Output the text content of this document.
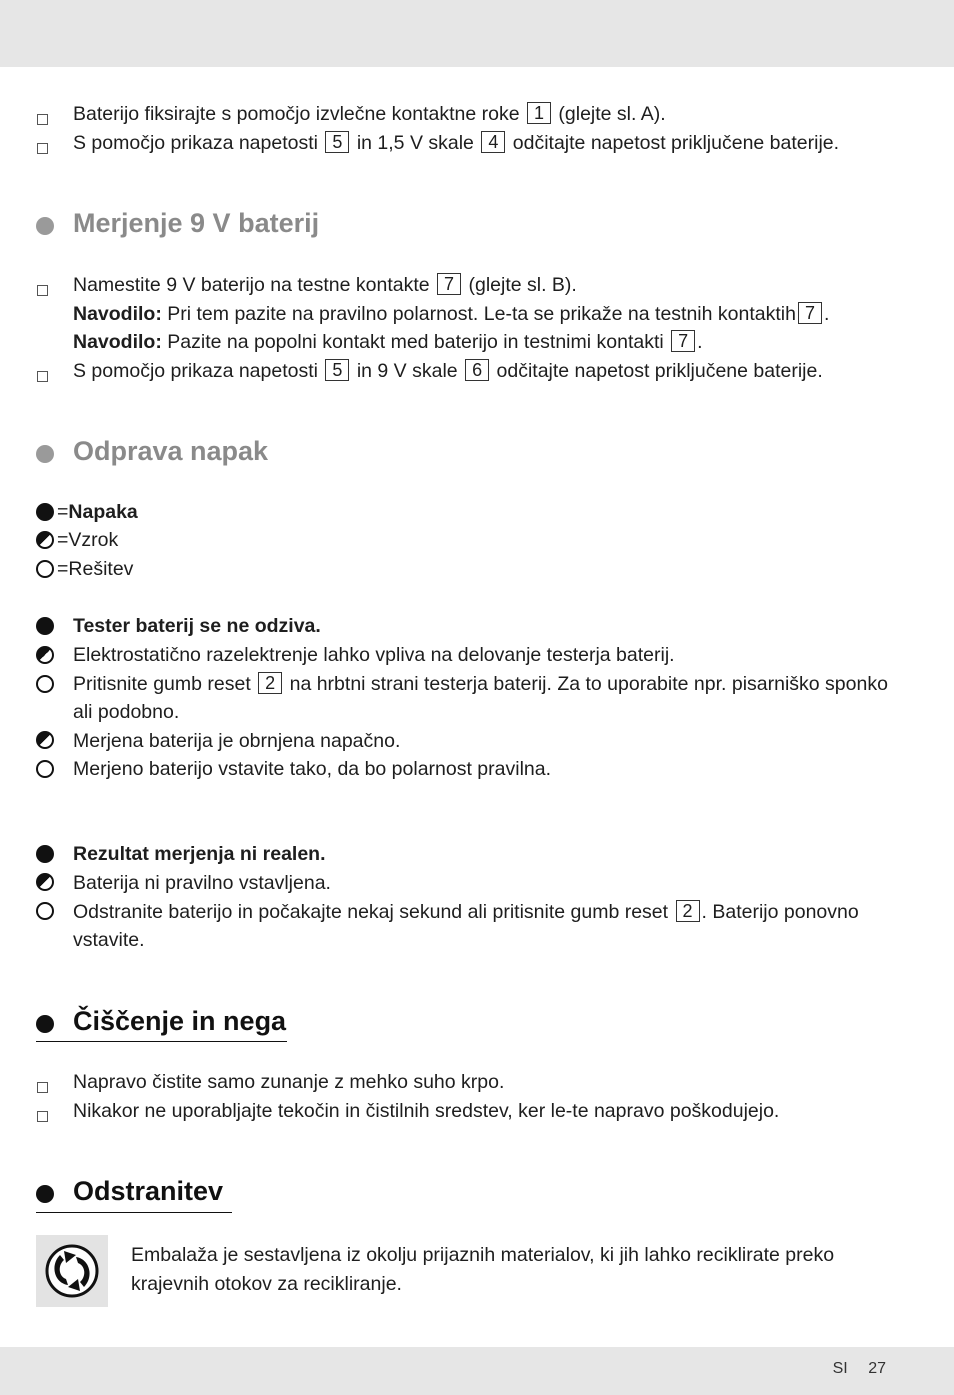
Baterijo fiksirajte s pomočjo izvlečne kontaktne roke 1 (glejte sl. A).
S pomočjo prikaza napetosti 5 in 1,5 V skale 4 odčitajte napetost priključene baterije.
Merjenje 9 V baterij
Namestite 9 V baterijo na testne kontakte 7 (glejte sl. B).
Navodilo: Pri tem pazite na pravilno polarnost. Le-ta se prikaže na testnih kontaktih 7 .
Navodilo: Pazite na popolni kontakt med baterijo in testnimi kontakti 7 .
S pomočjo prikaza napetosti 5 in 9 V skale 6 odčitajte napetost priključene baterije.
Odprava napak
=Napaka
=Vzrok
=Rešitev
Tester baterij se ne odziva.
Elektrostatično razelektrenje lahko vpliva na delovanje testerja baterij.
Pritisnite gumb reset 2 na hrbtni strani testerja baterij. Za to uporabite npr. pisarniško sponko
ali podobno.
Merjena baterija je obrnjena napačno.
Merjeno baterijo vstavite tako, da bo polarnost pravilna.
Rezultat merjenja ni realen.
Baterija ni pravilno vstavljena.
Odstranite baterijo in počakajte nekaj sekund ali pritisnite gumb reset 2 . Baterijo ponovno
vstavite.
Čiščenje in nega
Napravo čistite samo zunanje z mehko suho krpo.
Nikakor ne uporabljajte tekočin in čistilnih sredstev, ker le-te napravo poškodujejo.
Odstranitev
Embalaža je sestavljena iz okolju prijaznih materialov, ki jih lahko reciklirate preko
krajevnih otokov za recikliranje.
SI 27
